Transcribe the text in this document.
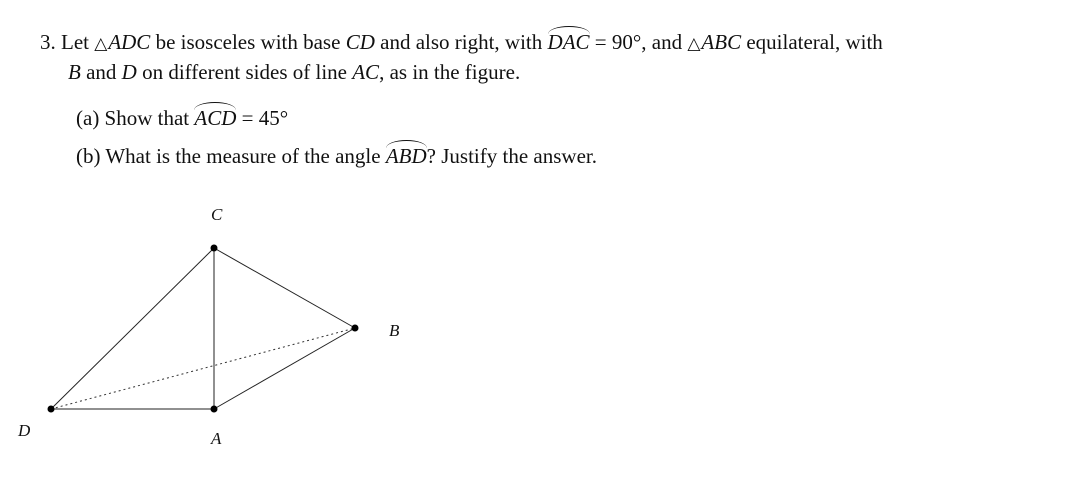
3. Let △ADC be isosceles with base CD and also right, with DAC = 90°, and △ABC equilateral, with
B and D on different sides of line AC, as in the figure.
(a) Show that ACD = 45°
(b) What is the measure of the angle ABD? Justify the answer.
C
B
D	A
